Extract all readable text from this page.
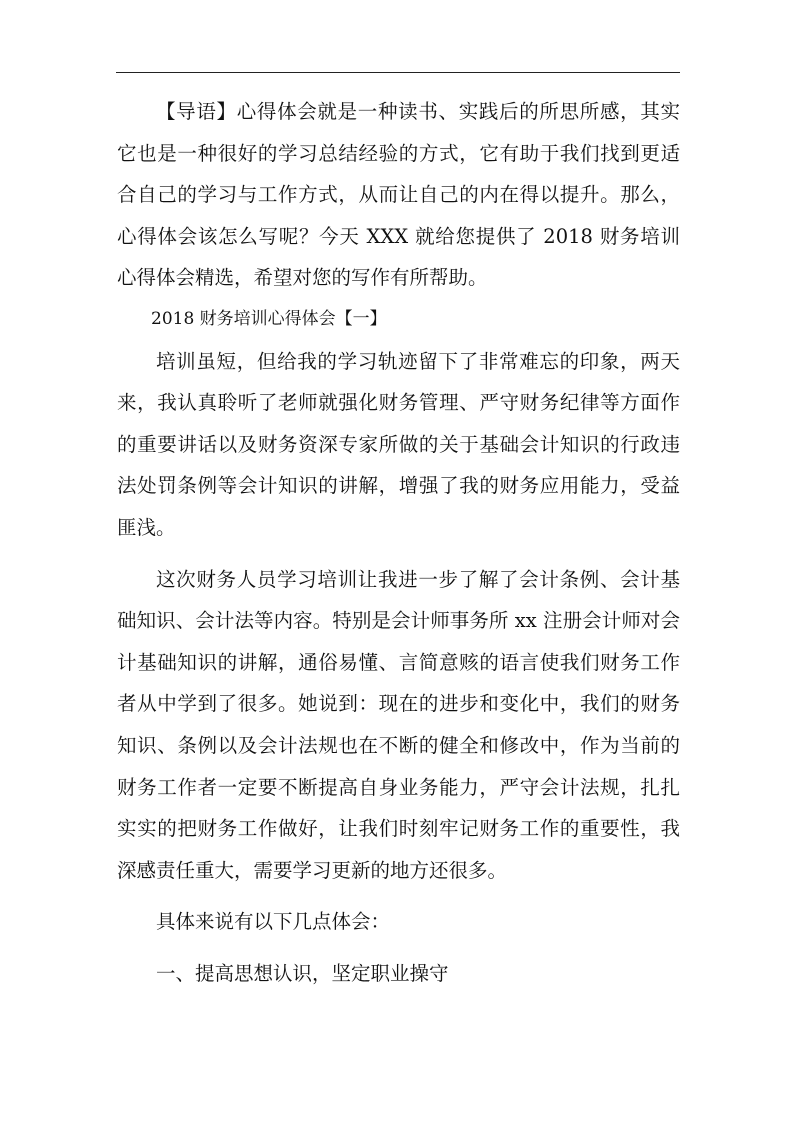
【导语】心得体会就是一种读书、实践后的所思所感，其实它也是一种很好的学习总结经验的方式，它有助于我们找到更适合自己的学习与工作方式，从而让自己的内在得以提升。那么，心得体会该怎么写呢？今天 XXX 就给您提供了 2018 财务培训心得体会精选，希望对您的写作有所帮助。

2018 财务培训心得体会【一】

培训虽短，但给我的学习轨迹留下了非常难忘的印象，两天来，我认真聆听了老师就强化财务管理、严守财务纪律等方面作的重要讲话以及财务资深专家所做的关于基础会计知识的行政违法处罚条例等会计知识的讲解，增强了我的财务应用能力，受益匪浅。

这次财务人员学习培训让我进一步了解了会计条例、会计基础知识、会计法等内容。特别是会计师事务所 xx 注册会计师对会计基础知识的讲解，通俗易懂、言简意赅的语言使我们财务工作者从中学到了很多。她说到：现在的进步和变化中，我们的财务知识、条例以及会计法规也在不断的健全和修改中，作为当前的财务工作者一定要不断提高自身业务能力，严守会计法规，扎扎实实的把财务工作做好，让我们时刻牢记财务工作的重要性，我深感责任重大，需要学习更新的地方还很多。

具体来说有以下几点体会：

一、提高思想认识，坚定职业操守
